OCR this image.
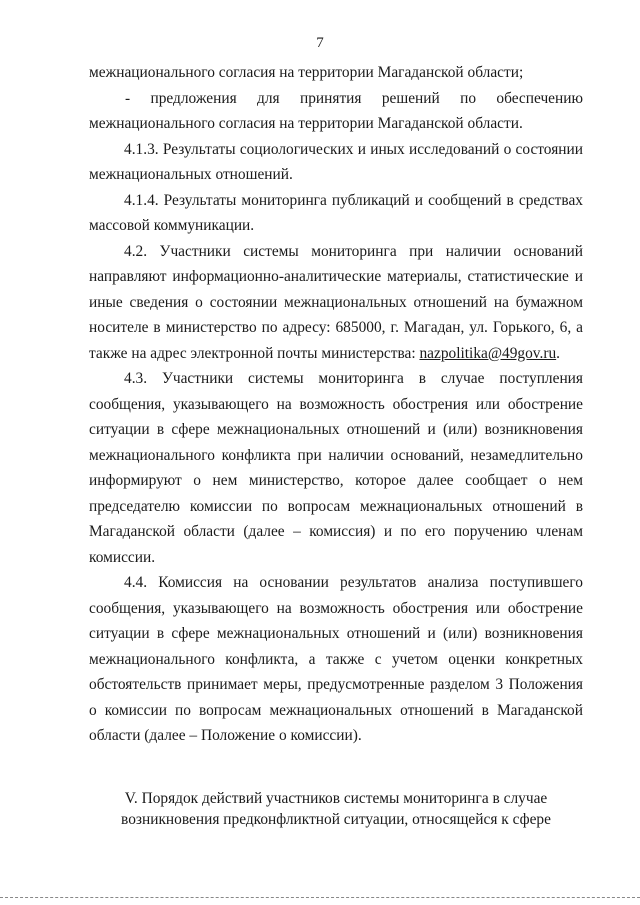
7

межнационального согласия на территории Магаданской области;

- предложения для принятия решений по обеспечению

межнационального согласия на территории Магаданской области.

4.1.3. Результаты социологических и иных исследований о состоянии межнациональных отношений.

4.1.4. Результаты мониторинга публикаций и сообщений в средствах массовой коммуникации.

4.2. Участники системы мониторинга при наличии оснований направляют информационно-аналитические материалы, статистические и иные сведения о состоянии межнациональных отношений на бумажном носителе в министерство по адресу: 685000, г. Магадан, ул. Горького, 6, а также на адрес электронной почты министерства: nazpolitika@49gov.ru.

4.3. Участники системы мониторинга в случае поступления сообщения, указывающего на возможность обострения или обострение ситуации в сфере межнациональных отношений и (или) возникновения межнационального конфликта при наличии оснований, незамедлительно информируют о нем министерство, которое далее сообщает о нем председателю комиссии по вопросам межнациональных отношений в Магаданской области (далее – комиссия) и по его поручению членам комиссии.

4.4. Комиссия на основании результатов анализа поступившего сообщения, указывающего на возможность обострения или обострение ситуации в сфере межнациональных отношений и (или) возникновения межнационального конфликта, а также с учетом оценки конкретных обстоятельств принимает меры, предусмотренные разделом 3 Положения о комиссии по вопросам межнациональных отношений в Магаданской области (далее – Положение о комиссии).

V. Порядок действий участников системы мониторинга в случае
возникновения предконфликтной ситуации, относящейся к сфере
